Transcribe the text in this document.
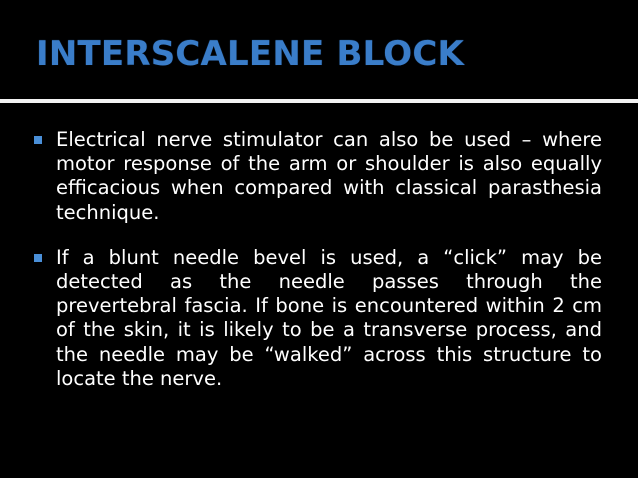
INTERSCALENE BLOCK
Electrical nerve stimulator can also be used – where motor response of the arm or shoulder is also equally efficacious when compared with classical parasthesia technique.
If a blunt needle bevel is used, a “click” may be detected as the needle passes through the prevertebral fascia. If bone is encountered within 2 cm of the skin, it is likely to be a transverse process, and the needle may be “walked” across this structure to locate the nerve.
